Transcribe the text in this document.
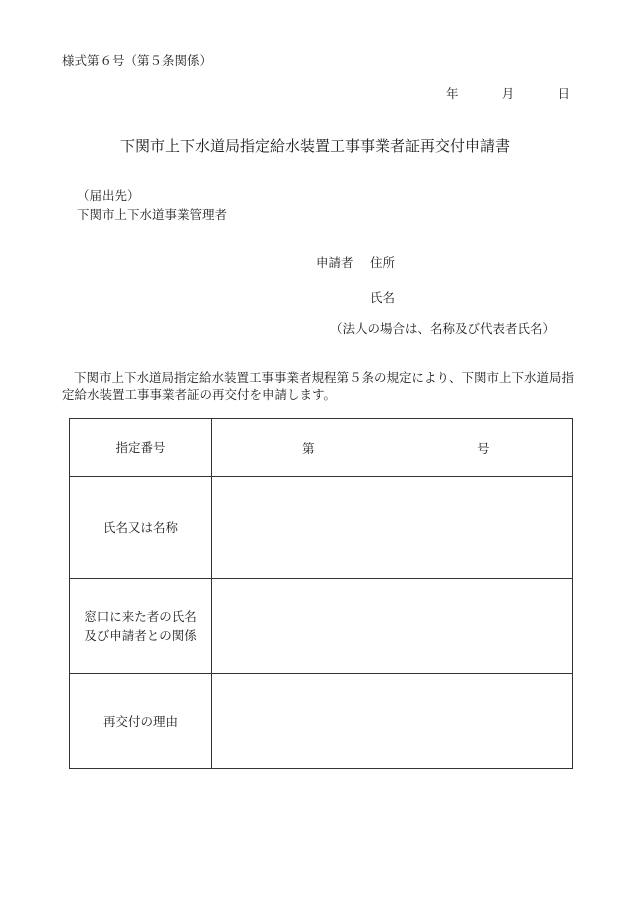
様式第６号（第５条関係）
年	月	日
下関市上下水道局指定給水装置工事事業者証再交付申請書
（届出先）
下関市上下水道事業管理者
申請者 住所
氏名
（法人の場合は、名称及び代表者氏名）
下関市上下水道局指定給水装置工事事業者規程第５条の規定により、下関市上下水道局指定給水装置工事事業者証の再交付を申請します。
指定番号	第 号

氏名又は名称	

窓口に来た者の氏名
及び申請者との関係	

再交付の理由	
